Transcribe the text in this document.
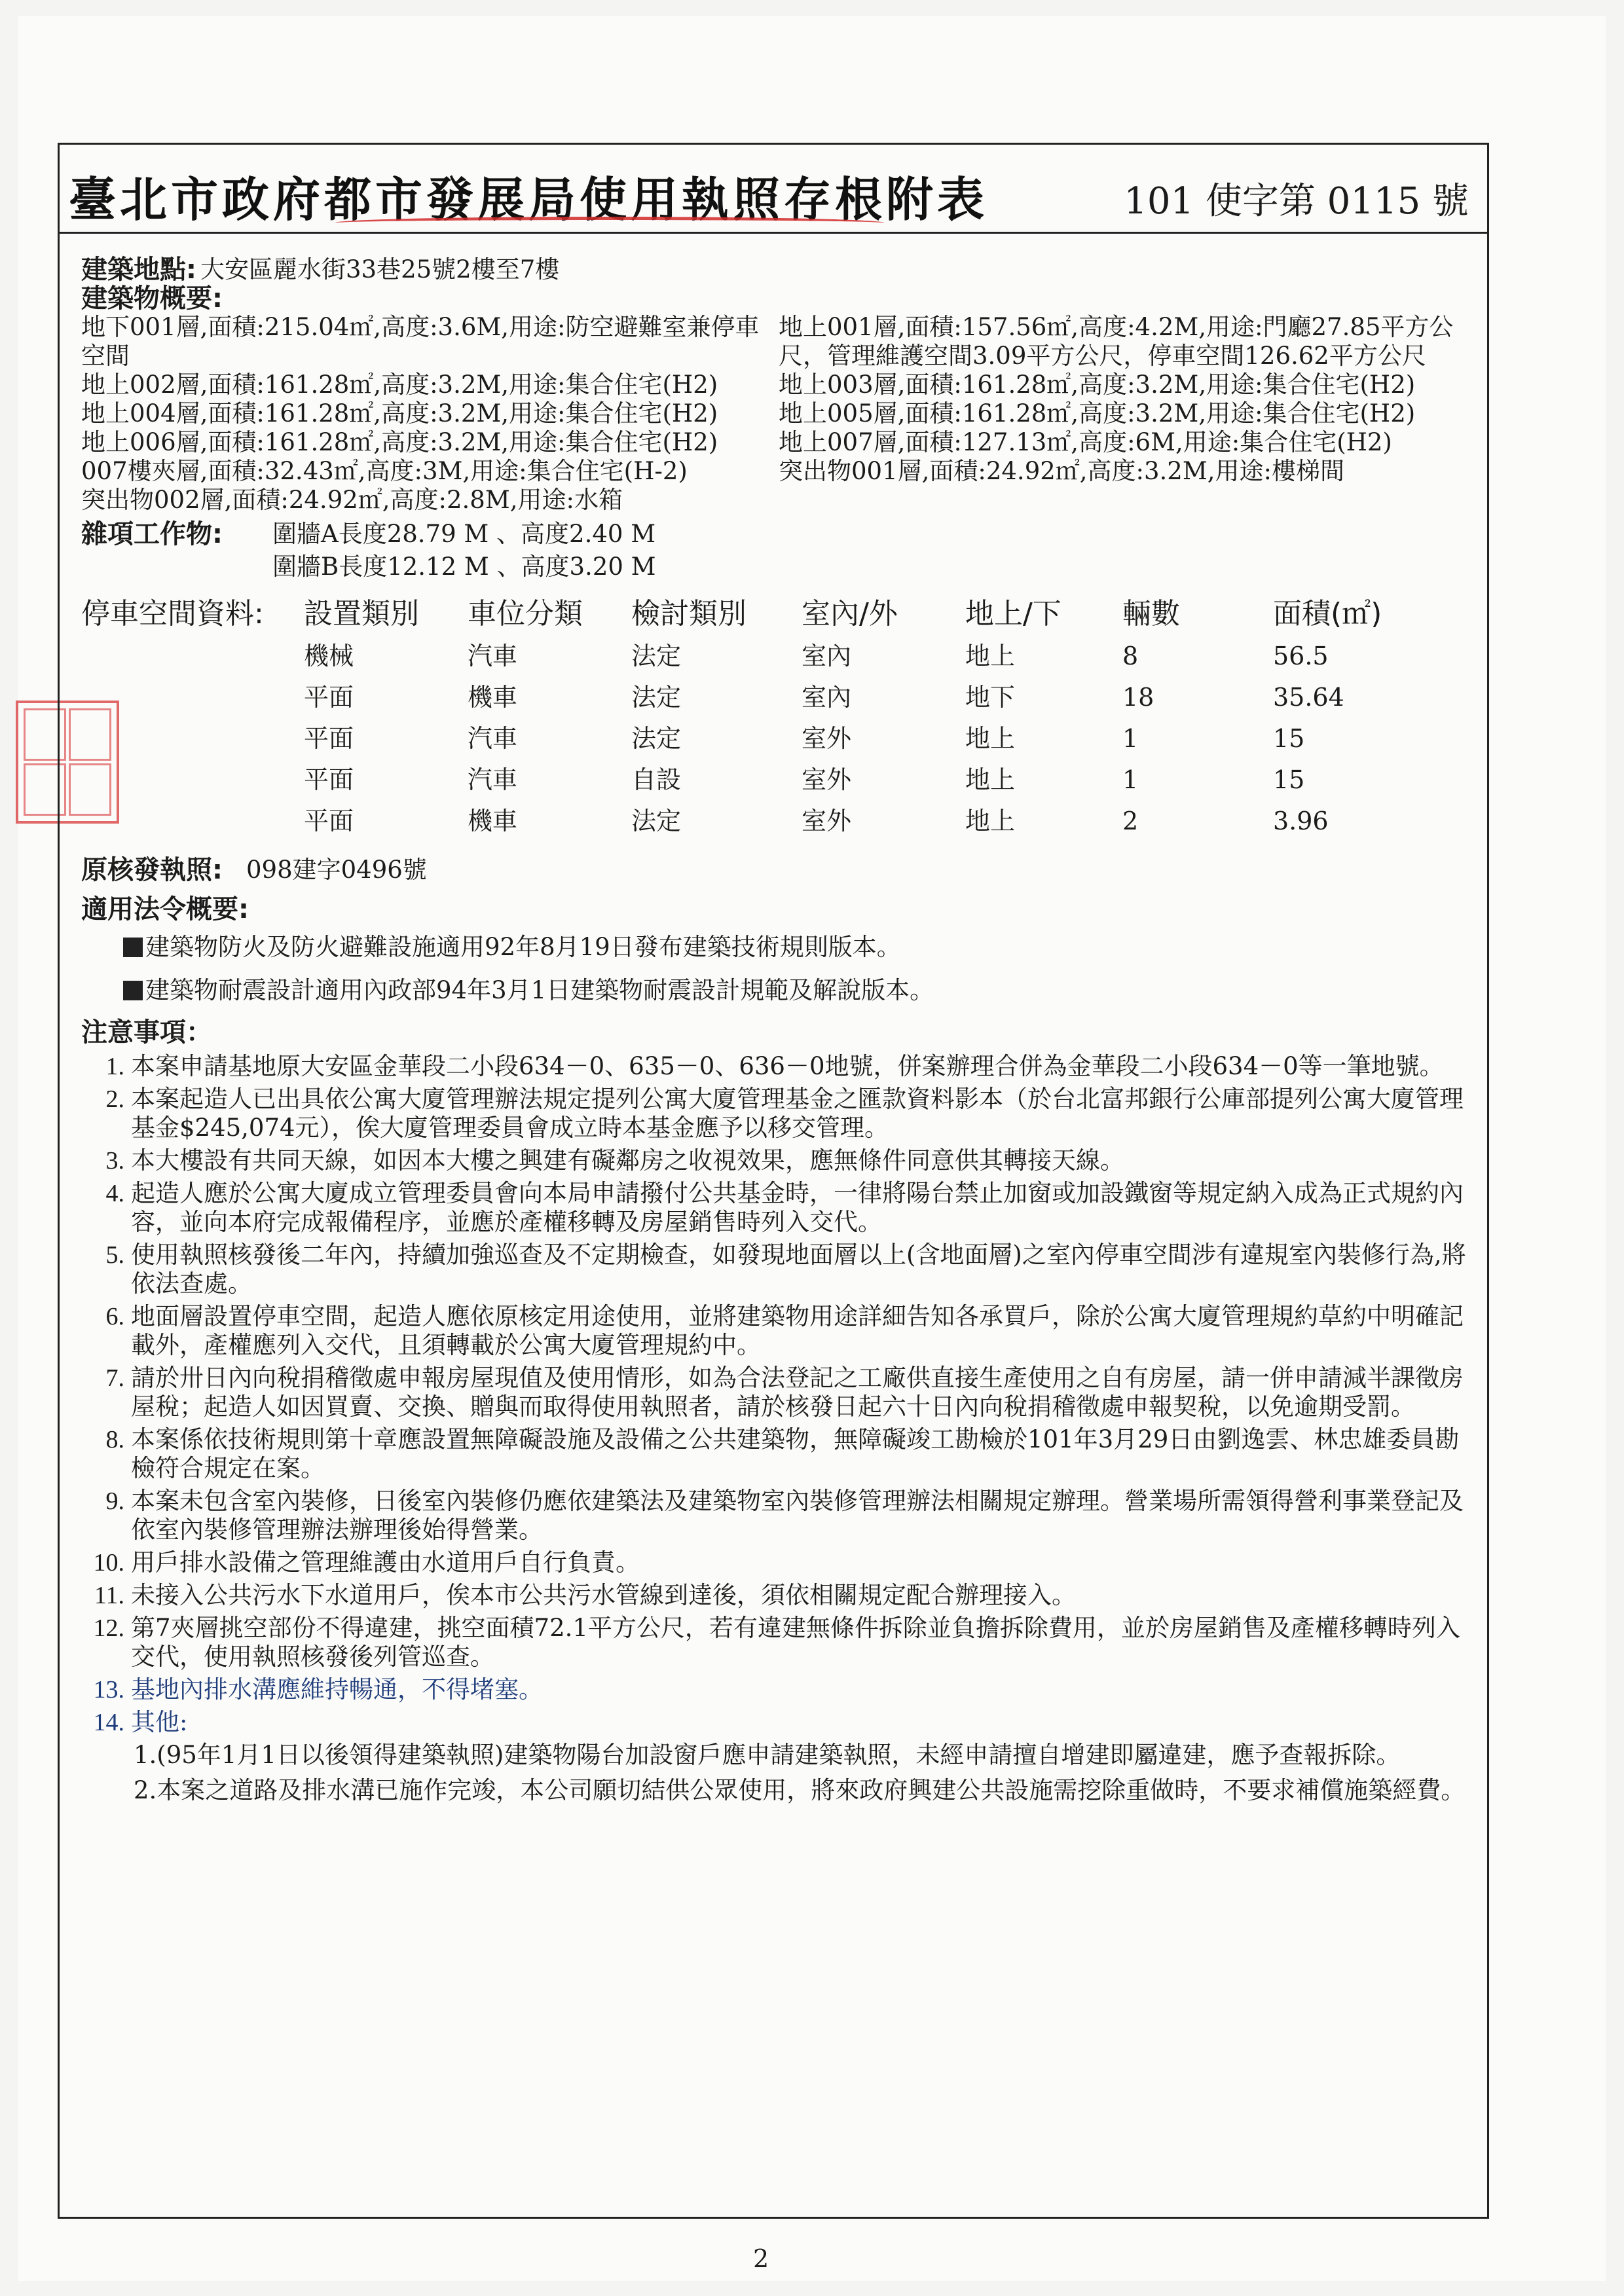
臺北市政府都市發展局使用執照存根附表	101 使字第 0115 號
建築地點: 大安區麗水街33巷25號2樓至7樓
建築物概要:
地下001層,面積:215.04㎡,高度:3.6M,用途:防空避難室兼停車空間
地上001層,面積:157.56㎡,高度:4.2M,用途:門廳27.85平方公尺，管理維護空間3.09平方公尺，停車空間126.62平方公尺
地上002層,面積:161.28㎡,高度:3.2M,用途:集合住宅(H2)	地上003層,面積:161.28㎡,高度:3.2M,用途:集合住宅(H2)
地上004層,面積:161.28㎡,高度:3.2M,用途:集合住宅(H2)	地上005層,面積:161.28㎡,高度:3.2M,用途:集合住宅(H2)
地上006層,面積:161.28㎡,高度:3.2M,用途:集合住宅(H2)	地上007層,面積:127.13㎡,高度:6M,用途:集合住宅(H2)
007樓夾層,面積:32.43㎡,高度:3M,用途:集合住宅(H-2)	突出物001層,面積:24.92㎡,高度:3.2M,用途:樓梯間
突出物002層,面積:24.92㎡,高度:2.8M,用途:水箱
雜項工作物:	圍牆A長度28.79 M 、高度2.40 M
圍牆B長度12.12 M 、高度3.20 M
停車空間資料:	設置類別	車位分類	檢討類別	室內/外	地上/下	輛數	面積(㎡)
機械	汽車	法定	室內	地上	8	56.5
平面	機車	法定	室內	地下	18	35.64
平面	汽車	法定	室外	地上	1	15
平面	汽車	自設	室外	地上	1	15
平面	機車	法定	室外	地上	2	3.96
原核發執照: 098建字0496號
適用法令概要:
建築物防火及防火避難設施適用92年8月19日發布建築技術規則版本。
建築物耐震設計適用內政部94年3月1日建築物耐震設計規範及解說版本。
注意事項：
1. 本案申請基地原大安區金華段二小段634－0、635－0、636－0地號，併案辦理合併為金華段二小段634－0等一筆地號。
2. 本案起造人已出具依公寓大廈管理辦法規定提列公寓大廈管理基金之匯款資料影本（於台北富邦銀行公庫部提列公寓大廈管理基金$245,074元），俟大廈管理委員會成立時本基金應予以移交管理。
3. 本大樓設有共同天線，如因本大樓之興建有礙鄰房之收視效果，應無條件同意供其轉接天線。
4. 起造人應於公寓大廈成立管理委員會向本局申請撥付公共基金時，一律將陽台禁止加窗或加設鐵窗等規定納入成為正式規約內容，並向本府完成報備程序，並應於產權移轉及房屋銷售時列入交代。
5. 使用執照核發後二年內，持續加強巡查及不定期檢查，如發現地面層以上(含地面層)之室內停車空間涉有違規室內裝修行為,將依法查處。
6. 地面層設置停車空間，起造人應依原核定用途使用，並將建築物用途詳細告知各承買戶，除於公寓大廈管理規約草約中明確記載外，產權應列入交代，且須轉載於公寓大廈管理規約中。
7. 請於卅日內向稅捐稽徵處申報房屋現值及使用情形，如為合法登記之工廠供直接生產使用之自有房屋，請一併申請減半課徵房屋稅；起造人如因買賣、交換、贈與而取得使用執照者，請於核發日起六十日內向稅捐稽徵處申報契稅，以免逾期受罰。
8. 本案係依技術規則第十章應設置無障礙設施及設備之公共建築物，無障礙竣工勘檢於101年3月29日由劉逸雲、林忠雄委員勘檢符合規定在案。
9. 本案未包含室內裝修，日後室內裝修仍應依建築法及建築物室內裝修管理辦法相關規定辦理。營業場所需領得營利事業登記及依室內裝修管理辦法辦理後始得營業。
10. 用戶排水設備之管理維護由水道用戶自行負責。
11. 未接入公共污水下水道用戶，俟本市公共污水管線到達後，須依相關規定配合辦理接入。
12. 第7夾層挑空部份不得違建，挑空面積72.1平方公尺，若有違建無條件拆除並負擔拆除費用，並於房屋銷售及產權移轉時列入交代，使用執照核發後列管巡查。
13. 基地內排水溝應維持暢通，不得堵塞。
14. 其他:
1.(95年1月1日以後領得建築執照)建築物陽台加設窗戶應申請建築執照，未經申請擅自增建即屬違建，應予查報拆除。
2.本案之道路及排水溝已施作完竣，本公司願切結供公眾使用，將來政府興建公共設施需挖除重做時，不要求補償施築經費。
2
